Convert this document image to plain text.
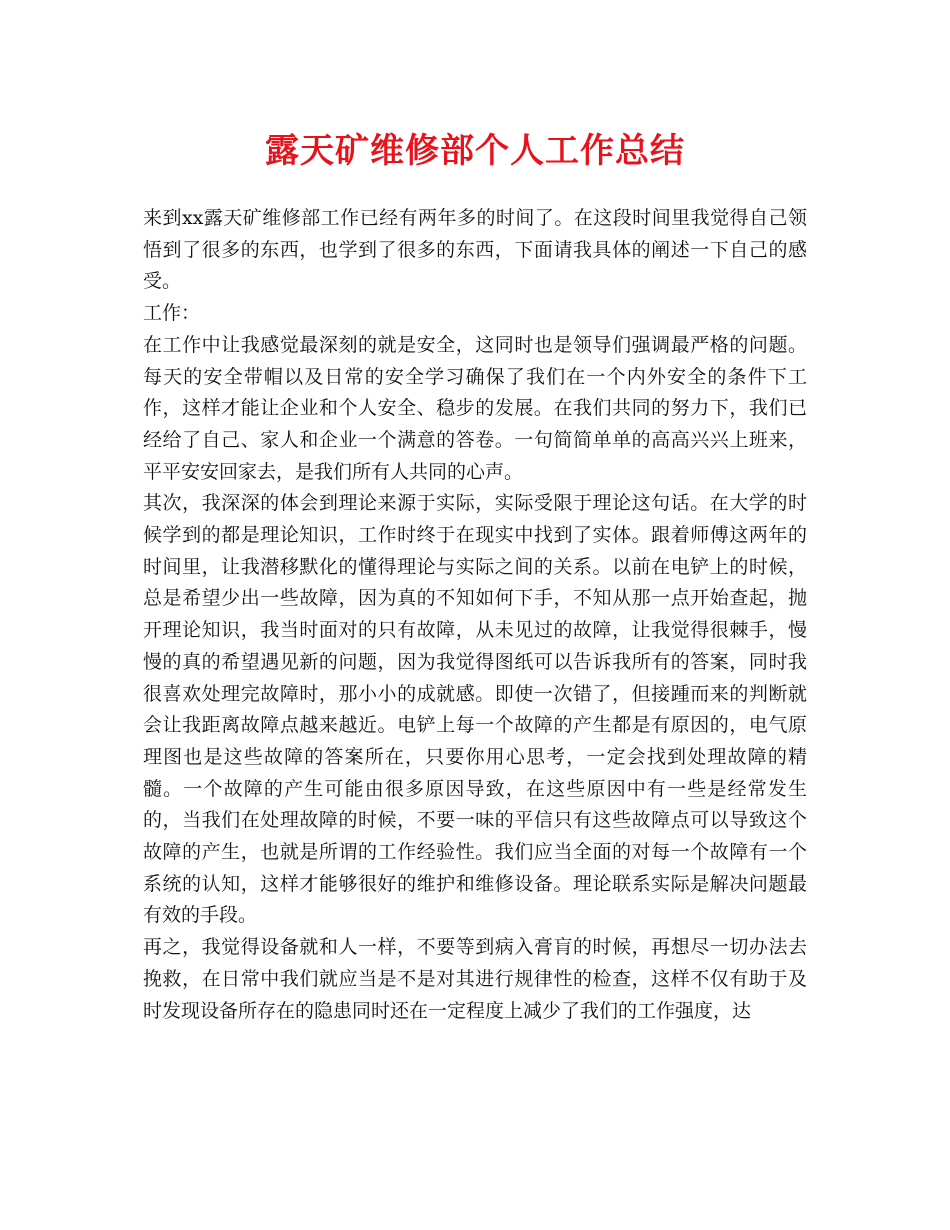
露天矿维修部个人工作总结

来到xx露天矿维修部工作已经有两年多的时间了。在这段时间里我觉得自己领悟到了很多的东西，也学到了很多的东西，下面请我具体的阐述一下自己的感受。

工作：

在工作中让我感觉最深刻的就是安全，这同时也是领导们强调最严格的问题。每天的安全带帽以及日常的安全学习确保了我们在一个内外安全的条件下工作，这样才能让企业和个人安全、稳步的发展。在我们共同的努力下，我们已经给了自己、家人和企业一个满意的答卷。一句简简单单的高高兴兴上班来，平平安安回家去，是我们所有人共同的心声。

其次，我深深的体会到理论来源于实际，实际受限于理论这句话。在大学的时候学到的都是理论知识，工作时终于在现实中找到了实体。跟着师傅这两年的时间里，让我潜移默化的懂得理论与实际之间的关系。以前在电铲上的时候，总是希望少出一些故障，因为真的不知如何下手，不知从那一点开始查起，抛开理论知识，我当时面对的只有故障，从未见过的故障，让我觉得很棘手，慢慢的真的希望遇见新的问题，因为我觉得图纸可以告诉我所有的答案，同时我很喜欢处理完故障时，那小小的成就感。即使一次错了，但接踵而来的判断就会让我距离故障点越来越近。电铲上每一个故障的产生都是有原因的，电气原理图也是这些故障的答案所在，只要你用心思考，一定会找到处理故障的精髓。一个故障的产生可能由很多原因导致，在这些原因中有一些是经常发生的，当我们在处理故障的时候，不要一味的平信只有这些故障点可以导致这个故障的产生，也就是所谓的工作经验性。我们应当全面的对每一个故障有一个系统的认知，这样才能够很好的维护和维修设备。理论联系实际是解决问题最有效的手段。

再之，我觉得设备就和人一样，不要等到病入膏肓的时候，再想尽一切办法去挽救，在日常中我们就应当是不是对其进行规律性的检查，这样不仅有助于及时发现设备所存在的隐患同时还在一定程度上减少了我们的工作强度，达
